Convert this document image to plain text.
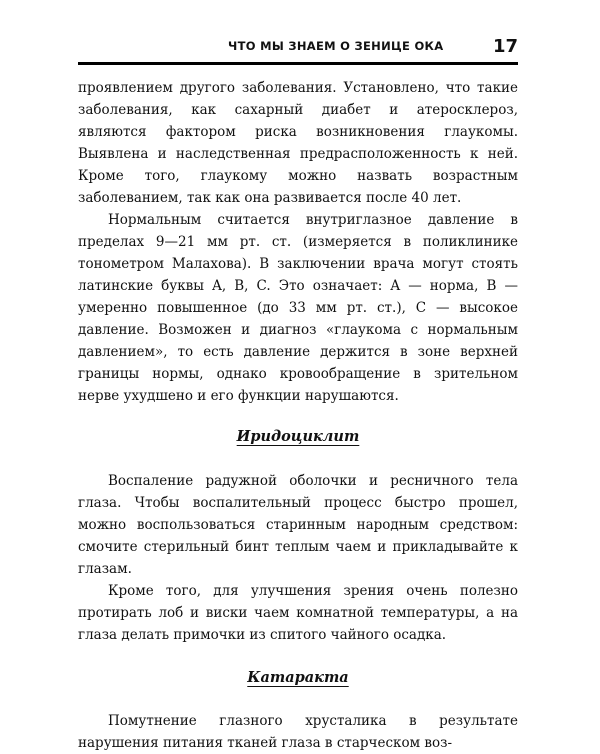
ЧТО МЫ ЗНАЕМ О ЗЕНИЦЕ ОКА	17

проявлением другого заболевания. Установлено, что такие заболевания, как сахарный диабет и атеросклероз, являются фактором риска возникновения глаукомы. Выявлена и наследственная предрасположенность к ней. Кроме того, глаукому можно назвать возрастным заболеванием, так как она развивается после 40 лет.

Нормальным считается внутриглазное давление в пределах 9—21 мм рт. ст. (измеряется в поликлинике тонометром Малахова). В заключении врача могут стоять латинские буквы A, B, C. Это означает: A — норма, B — умеренно повышенное (до 33 мм рт. ст.), C — высокое давление. Возможен и диагноз «глаукома с нормальным давлением», то есть давление держится в зоне верхней границы нормы, однако кровообращение в зрительном нерве ухудшено и его функции нарушаются.

Иридоциклит

Воспаление радужной оболочки и ресничного тела глаза. Чтобы воспалительный процесс быстро прошел, можно воспользоваться старинным народным средством: смочите стерильный бинт теплым чаем и прикладывайте к глазам.

Кроме того, для улучшения зрения очень полезно протирать лоб и виски чаем комнатной температуры, а на глаза делать примочки из спитого чайного осадка.

Катаракта

Помутнение глазного хрусталика в результате нарушения питания тканей глаза в старческом воз-
